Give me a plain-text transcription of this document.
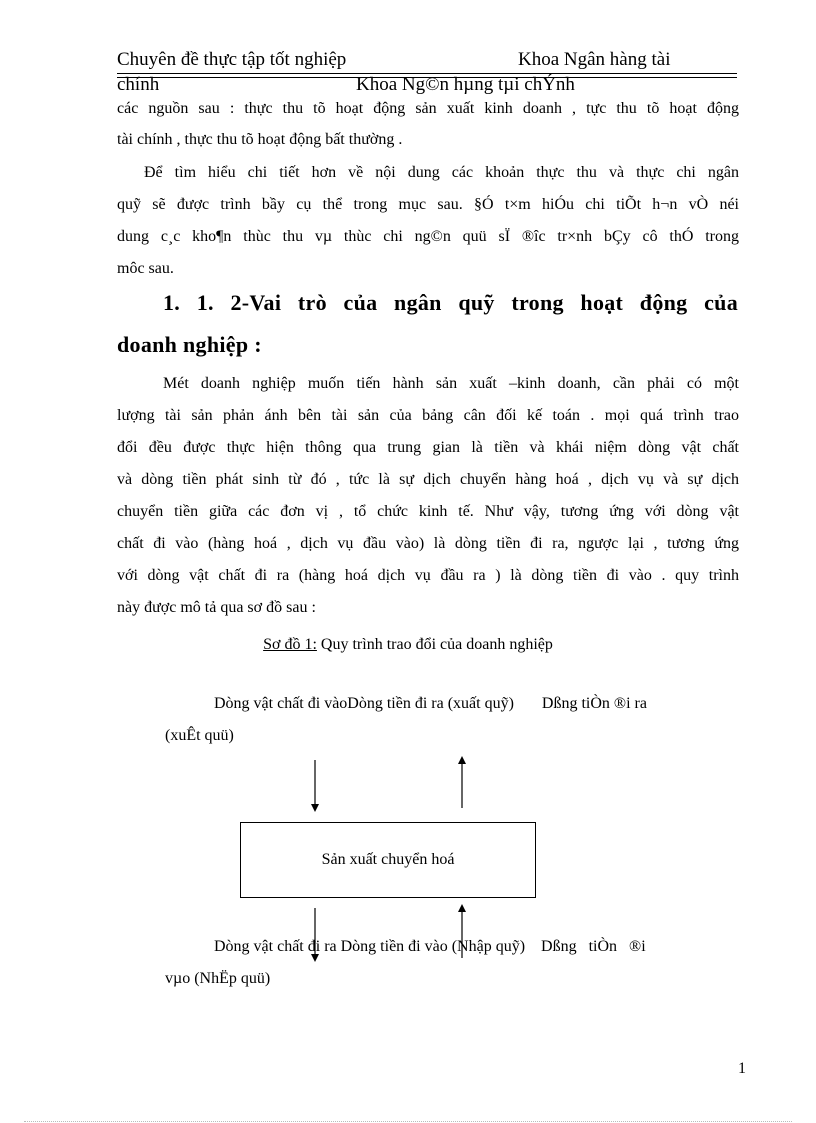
Chuyên đề thực tập tốt nghiệp	Khoa Ngân hàng tài
chính	Khoa Ng©n hµng tµi chÝnh
các nguồn sau : thực thu tõ hoạt động sản xuất kinh doanh , tực thu tõ hoạt động
tài chính , thực thu tõ hoạt động bất thường .
Để tìm hiểu chi tiết hơn về nội dung các khoản thực thu và thực chi ngân
quỹ sẽ được trình bầy cụ thể trong mục sau. §Ó t×m hiÓu chi tiÕt h¬n vÒ néi
dung c¸c kho¶n thùc thu vµ thùc chi ng©n quü sÏ ®îc tr×nh bÇy cô thÓ trong
môc sau.
1. 1. 2-Vai trò của ngân quỹ trong hoạt động của
doanh nghiệp :
Mét doanh nghiệp muốn tiến hành sản xuất –kinh doanh, cần phải có một
lượng tài sản phản ánh bên tài sản của bảng cân đối kế toán . mọi quá trình trao
đổi đều được thực hiện thông qua trung gian là tiền và khái niệm dòng vật chất
và dòng tiền phát sinh từ đó , tức là sự dịch chuyển hàng hoá , dịch vụ và sự dịch
chuyển tiền giữa các đơn vị , tổ chức kinh tế. Như vậy, tương ứng với dòng vật
chất đi vào (hàng hoá , dịch vụ đầu vào) là dòng tiền đi ra, ngược lại , tương ứng
với dòng vật chất đi ra (hàng hoá dịch vụ đầu ra ) là dòng tiền đi vào . quy trình
này được mô tả qua sơ đồ sau :
Sơ đồ 1: Quy trình trao đổi của doanh nghiệp
Dòng vật chất đi vàoDòng tiền đi ra (xuất quỹ)       Dßng tiÒn ®i ra
(xuÊt quü)
Sản xuất chuyển hoá
Dòng vật chất đi ra Dòng tiền đi vào (Nhập quỹ)    Dßng   tiÒn   ®i
vµo (NhËp quü)
1
